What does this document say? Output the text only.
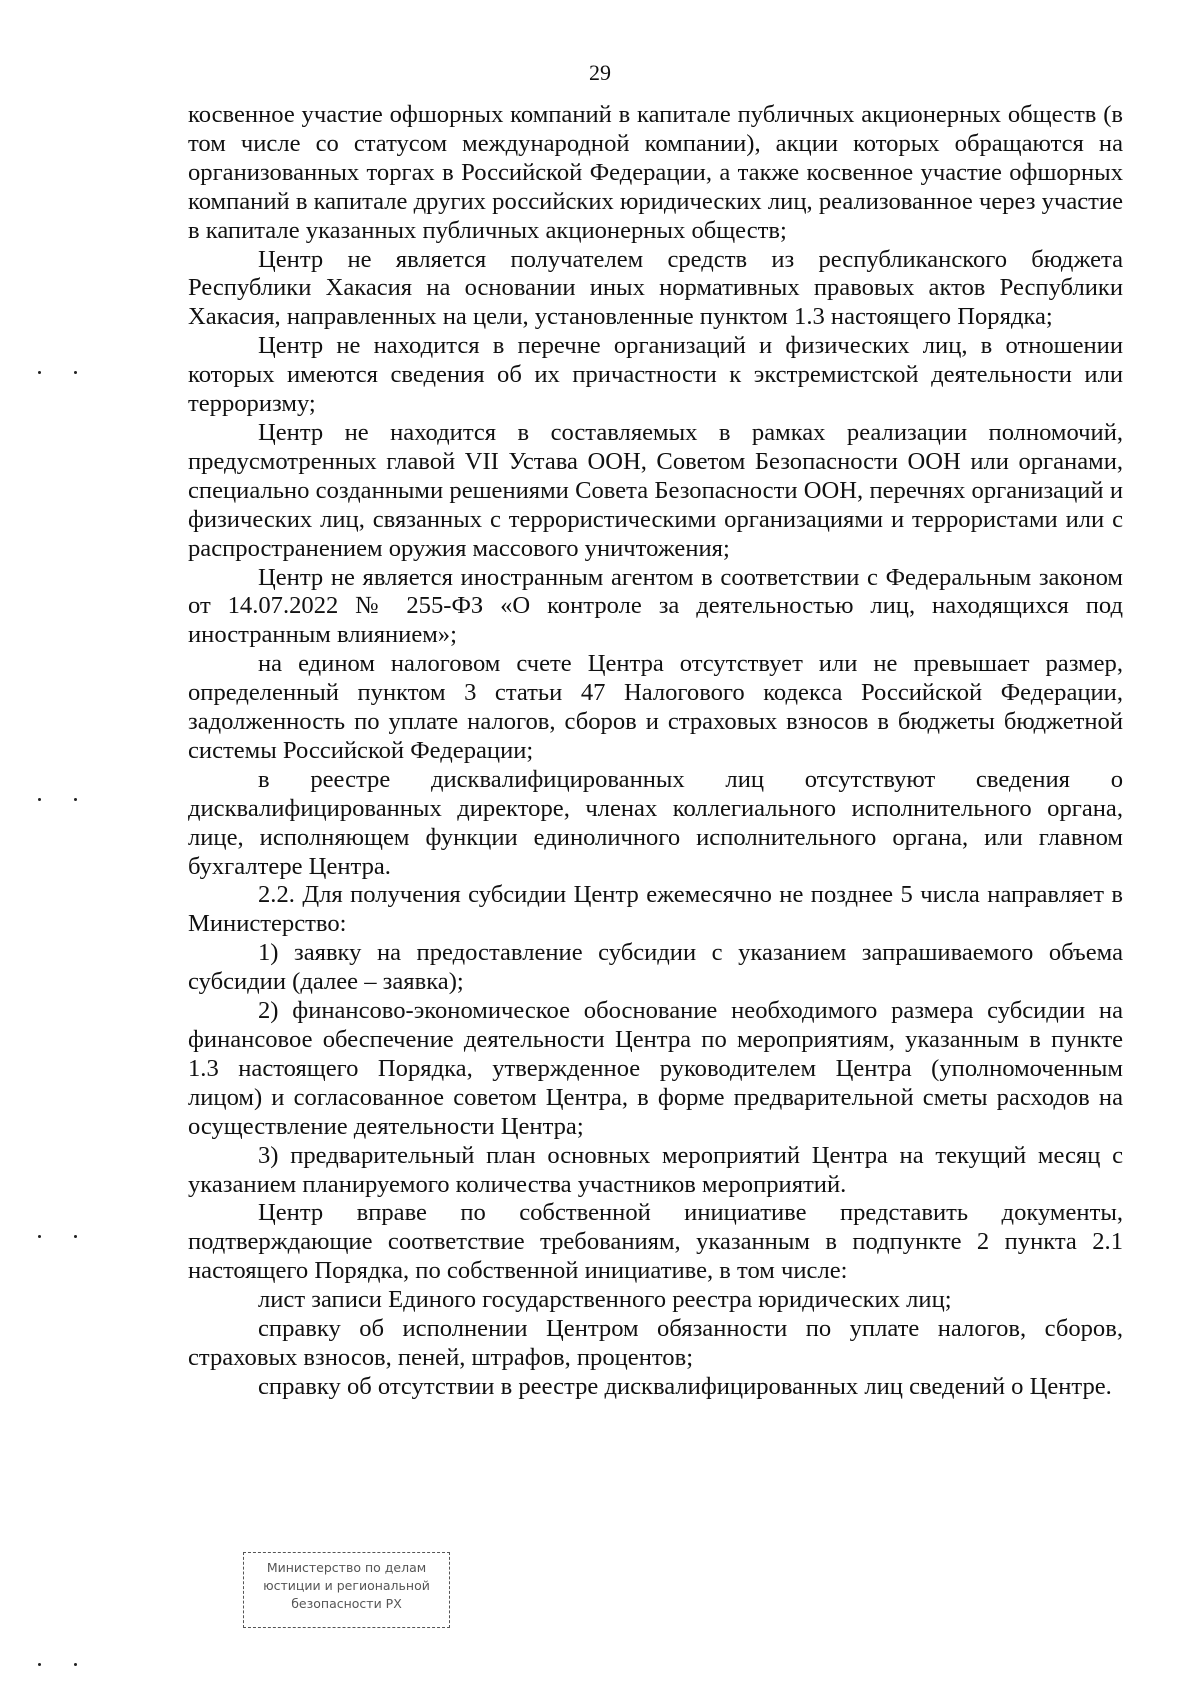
29

косвенное участие офшорных компаний в капитале публичных акционерных обществ (в том числе со статусом международной компании), акции которых обращаются на организованных торгах в Российской Федерации, а также косвенное участие офшорных компаний в капитале других российских юридических лиц, реализованное через участие в капитале указанных публичных акционерных обществ;

Центр не является получателем средств из республиканского бюджета Республики Хакасия на основании иных нормативных правовых актов Республики Хакасия, направленных на цели, установленные пунктом 1.3 настоящего Порядка;

Центр не находится в перечне организаций и физических лиц, в отношении которых имеются сведения об их причастности к экстремистской деятельности или терроризму;

Центр не находится в составляемых в рамках реализации полномочий, предусмотренных главой VII Устава ООН, Советом Безопасности ООН или органами, специально созданными решениями Совета Безопасности ООН, перечнях организаций и физических лиц, связанных с террористическими организациями и террористами или с распространением оружия массового уничтожения;

Центр не является иностранным агентом в соответствии с Федеральным законом от 14.07.2022 № 255-ФЗ «О контроле за деятельностью лиц, находящихся под иностранным влиянием»;

на едином налоговом счете Центра отсутствует или не превышает размер, определенный пунктом 3 статьи 47 Налогового кодекса Российской Федерации, задолженность по уплате налогов, сборов и страховых взносов в бюджеты бюджетной системы Российской Федерации;

в реестре дисквалифицированных лиц отсутствуют сведения о дисквалифицированных директоре, членах коллегиального исполнительного органа, лице, исполняющем функции единоличного исполнительного органа, или главном бухгалтере Центра.

2.2. Для получения субсидии Центр ежемесячно не позднее 5 числа направляет в Министерство:

1) заявку на предоставление субсидии с указанием запрашиваемого объема субсидии (далее – заявка);

2) финансово-экономическое обоснование необходимого размера субсидии на финансовое обеспечение деятельности Центра по мероприятиям, указанным в пункте 1.3 настоящего Порядка, утвержденное руководителем Центра (уполномоченным лицом) и согласованное советом Центра, в форме предварительной сметы расходов на осуществление деятельности Центра;

3) предварительный план основных мероприятий Центра на текущий месяц с указанием планируемого количества участников мероприятий.

Центр вправе по собственной инициативе представить документы, подтверждающие соответствие требованиям, указанным в подпункте 2 пункта 2.1 настоящего Порядка, по собственной инициативе, в том числе:

лист записи Единого государственного реестра юридических лиц;

справку об исполнении Центром обязанности по уплате налогов, сборов, страховых взносов, пеней, штрафов, процентов;

справку об отсутствии в реестре дисквалифицированных лиц сведений о Центре.

Министерство по делам
юстиции и региональной
безопасности РХ
